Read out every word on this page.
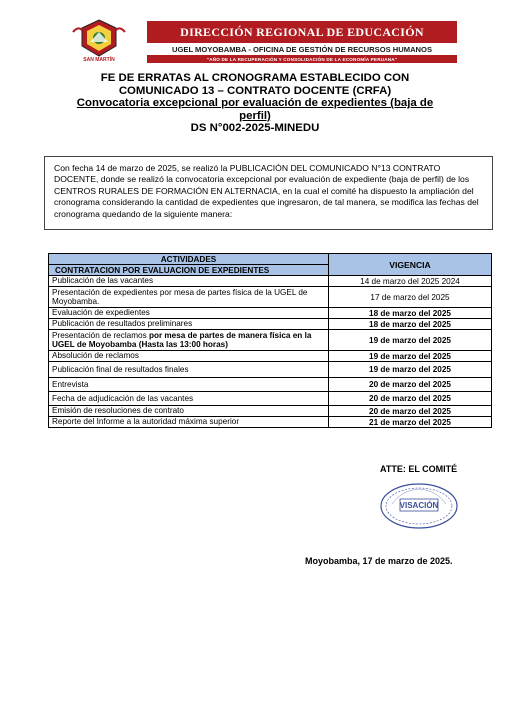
SAN MARTÍN
DIRECCIÓN REGIONAL DE EDUCACIÓN
UGEL MOYOBAMBA - OFICINA DE GESTIÓN DE RECURSOS HUMANOS
"AÑO DE LA RECUPERACIÓN Y CONSOLIDACIÓN DE LA ECONOMÍA PERUANA"
FE DE ERRATAS AL CRONOGRAMA ESTABLECIDO CON
COMUNICADO 13 – CONTRATO DOCENTE (CRFA)
Convocatoria excepcional por evaluación de expedientes (baja de perfil)
DS N°002-2025-MINEDU
Con fecha 14 de marzo de 2025, se realizó la PUBLICACIÓN DEL COMUNICADO N°13 CONTRATO DOCENTE, donde se realizó la convocatoria excepcional por evaluación de expediente (baja de perfil) de los CENTROS RURALES DE FORMACIÓN EN ALTERNACIA, en la cual el comité ha dispuesto la ampliación del cronograma considerando la cantidad de expedientes que ingresaron, de tal manera, se modifica las fechas del cronograma quedando de la siguiente manera:
ACTIVIDADES	VIGENCIA
CONTRATACION POR EVALUACION DE EXPEDIENTES	
Publicación de las vacantes	14 de marzo del 2025 2024
Presentación de expedientes por mesa de partes física de la UGEL de Moyobamba.	17 de marzo del 2025
Evaluación de expedientes	18 de marzo del 2025
Publicación de resultados preliminares	18 de marzo del 2025
Presentación de reclamos por mesa de partes de manera física en la UGEL de Moyobamba (Hasta las 13:00 horas)	19 de marzo del 2025
Absolución de reclamos	19 de marzo del 2025
Publicación final de resultados finales	19 de marzo del 2025
Entrevista	20 de marzo del 2025
Fecha de adjudicación de las vacantes	20 de marzo del 2025
Emisión de resoluciones de contrato	20 de marzo del 2025
Reporte del Informe a la autoridad máxima superior	21 de marzo del 2025
ATTE: EL COMITÉ
VISACIÓN
Moyobamba, 17 de marzo de 2025.
